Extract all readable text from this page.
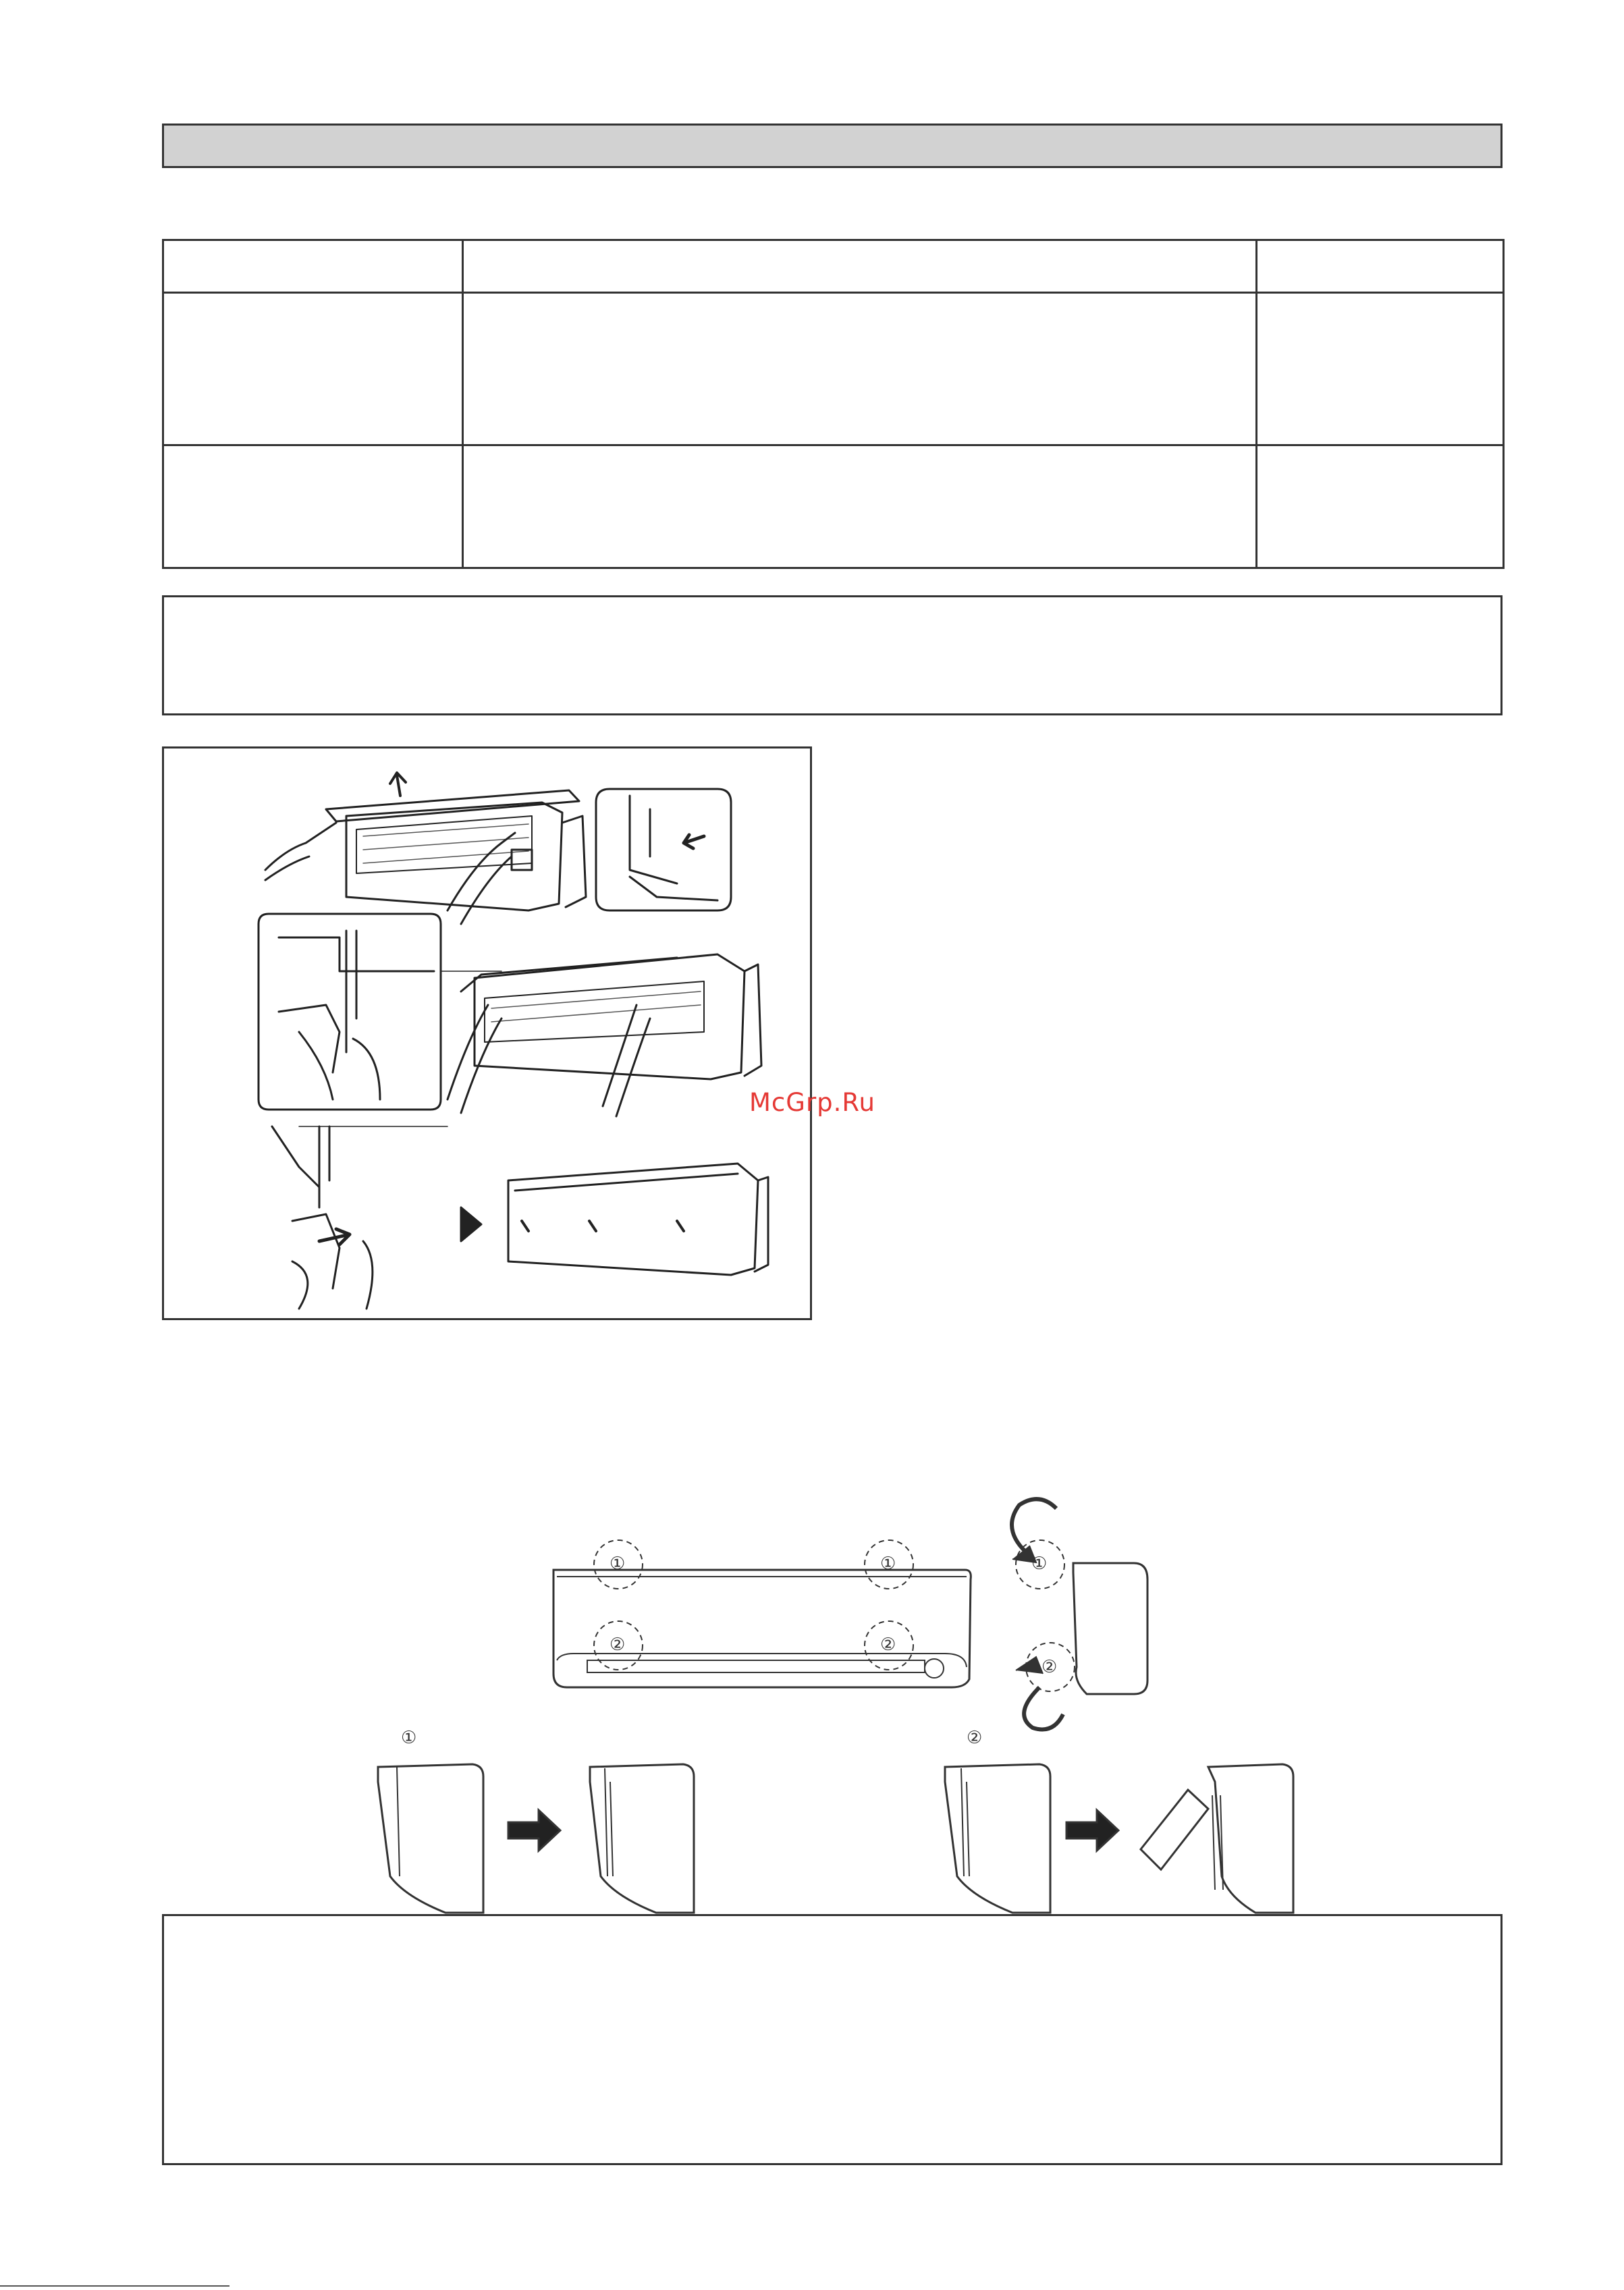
McGrp.Ru
①	①
②	②
①
②
①	②
